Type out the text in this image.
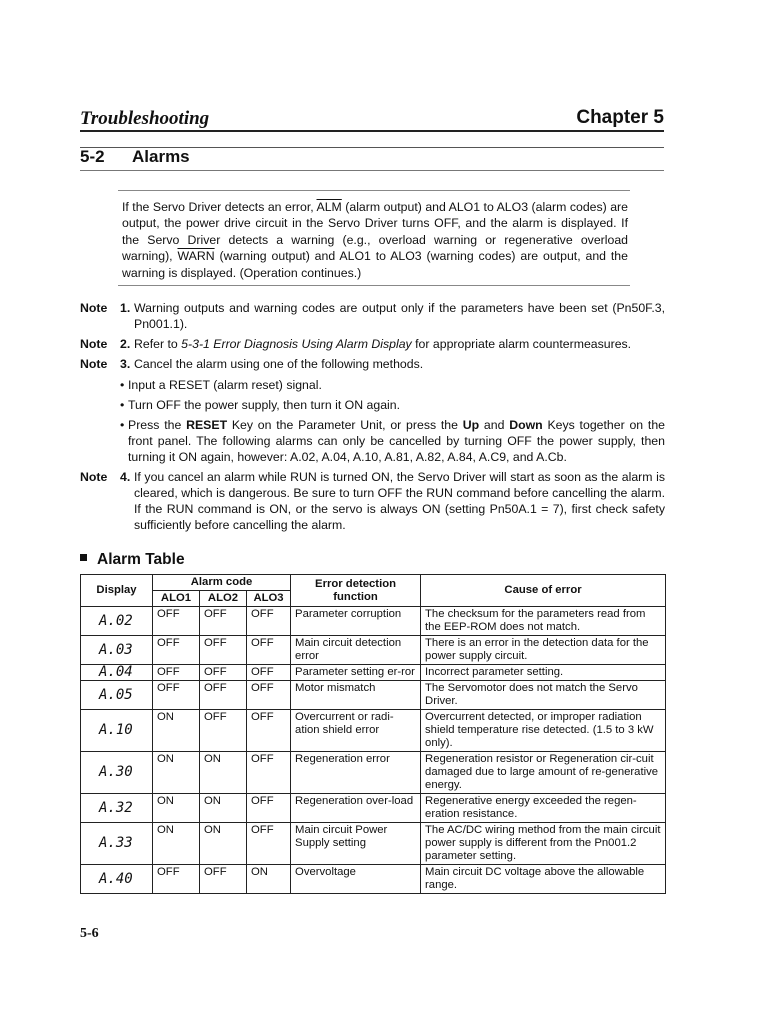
Troubleshooting	Chapter 5
5-2 Alarms
If the Servo Driver detects an error, $\overline{ALM}$ (alarm output) and ALO1 to ALO3 (alarm codes) are output, the power drive circuit in the Servo Driver turns OFF, and the alarm is displayed. If the Servo Driver detects a warning (e.g., overload warning or regenerative overload warning), WARN (warning output) and ALO1 to ALO3 (warning codes) are output, and the warning is displayed. (Operation continues.)
Note	1. Warning outputs and warning codes are output only if the parameters have been set (Pn50F.3, Pn001.1).
Note	2. Refer to 5-3-1 Error Diagnosis Using Alarm Display for appropriate alarm countermeasures.
Note	3. Cancel the alarm using one of the following methods.
• Input a RESET (alarm reset) signal.
• Turn OFF the power supply, then turn it ON again.
• Press the RESET Key on the Parameter Unit, or press the Up and Down Keys together on the front panel. The following alarms can only be cancelled by turning OFF the power supply, then turning it ON again, however: A.02, A.04, A.10, A.81, A.82, A.84, A.C9, and A.Cb.
Note	4. If you cancel an alarm while RUN is turned ON, the Servo Driver will start as soon as the alarm is cleared, which is dangerous. Be sure to turn OFF the RUN command before cancelling the alarm. If the RUN command is ON, or the servo is always ON (setting Pn50A.1 = 7), first check safety sufficiently before cancelling the alarm.
Alarm Table
Display	Alarm code			Error detection function	Cause of error
	ALO1	ALO2	ALO3		
A.02	OFF	OFF	OFF	Parameter corruption	The checksum for the parameters read from the EEP-ROM does not match.
A.03	OFF	OFF	OFF	Main circuit detection error	There is an error in the detection data for the power supply circuit.
A.04	OFF	OFF	OFF	Parameter setting er-ror	Incorrect parameter setting.
A.05	OFF	OFF	OFF	Motor mismatch	The Servomotor does not match the Servo Driver.
A.10	ON	OFF	OFF	Overcurrent or radi-ation shield error	Overcurrent detected, or improper radiation shield temperature rise detected. (1.5 to 3 kW only).
A.30	ON	ON	OFF	Regeneration error	Regeneration resistor or Regeneration cir-cuit damaged due to large amount of re-generative energy.
A.32	ON	ON	OFF	Regeneration over-load	Regenerative energy exceeded the regen-eration resistance.
A.33	ON	ON	OFF	Main circuit Power Supply setting	The AC/DC wiring method from the main circuit power supply is different from the Pn001.2 parameter setting.
A.40	OFF	OFF	ON	Overvoltage	Main circuit DC voltage above the allowable range.
5-6
